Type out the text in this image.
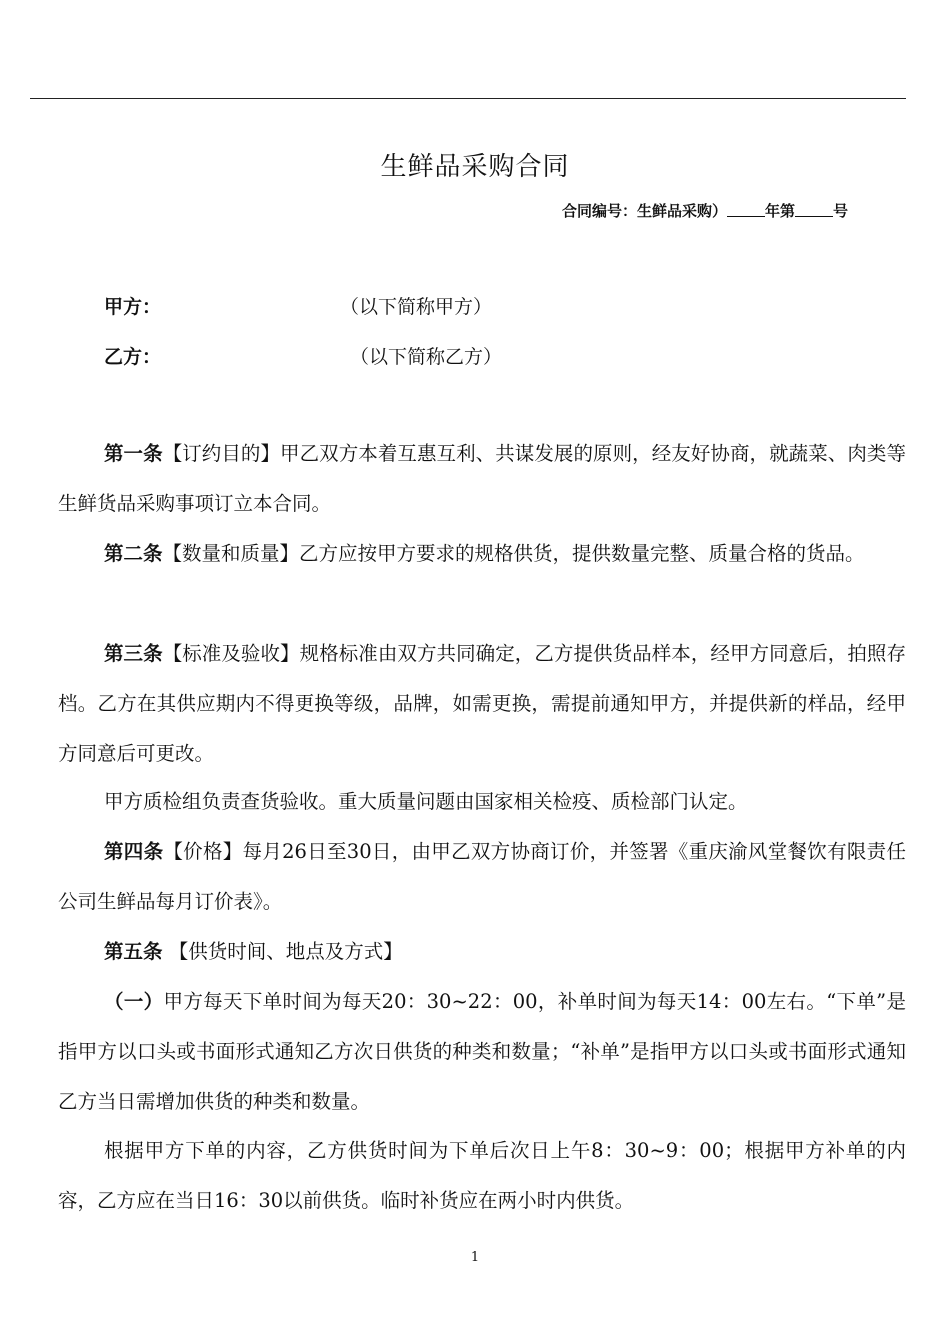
生鲜品采购合同
合同编号：生鲜品采购）	年第	号
甲方：	（以下简称甲方）
乙方：	（以下简称乙方）

第一条【订约目的】甲乙双方本着互惠互利、共谋发展的原则，经友好协商，就蔬菜、肉类等生鲜货品采购事项订立本合同。

第二条【数量和质量】乙方应按甲方要求的规格供货，提供数量完整、质量合格的货品。

第三条【标准及验收】规格标准由双方共同确定，乙方提供货品样本，经甲方同意后，拍照存档。乙方在其供应期内不得更换等级，品牌，如需更换，需提前通知甲方，并提供新的样品，经甲方同意后可更改。

甲方质检组负责查货验收。重大质量问题由国家相关检疫、质检部门认定。

第四条【价格】每月26日至30日，由甲乙双方协商订价，并签署《重庆渝风堂餐饮有限责任公司生鲜品每月订价表》。

第五条 【供货时间、地点及方式】

（一）甲方每天下单时间为每天20：30~22：00，补单时间为每天14：00左右。“下单”是指甲方以口头或书面形式通知乙方次日供货的种类和数量；“补单”是指甲方以口头或书面形式通知乙方当日需增加供货的种类和数量。

根据甲方下单的内容，乙方供货时间为下单后次日上午8：30~9：00；根据甲方补单的内容，乙方应在当日16：30以前供货。临时补货应在两小时内供货。

1
